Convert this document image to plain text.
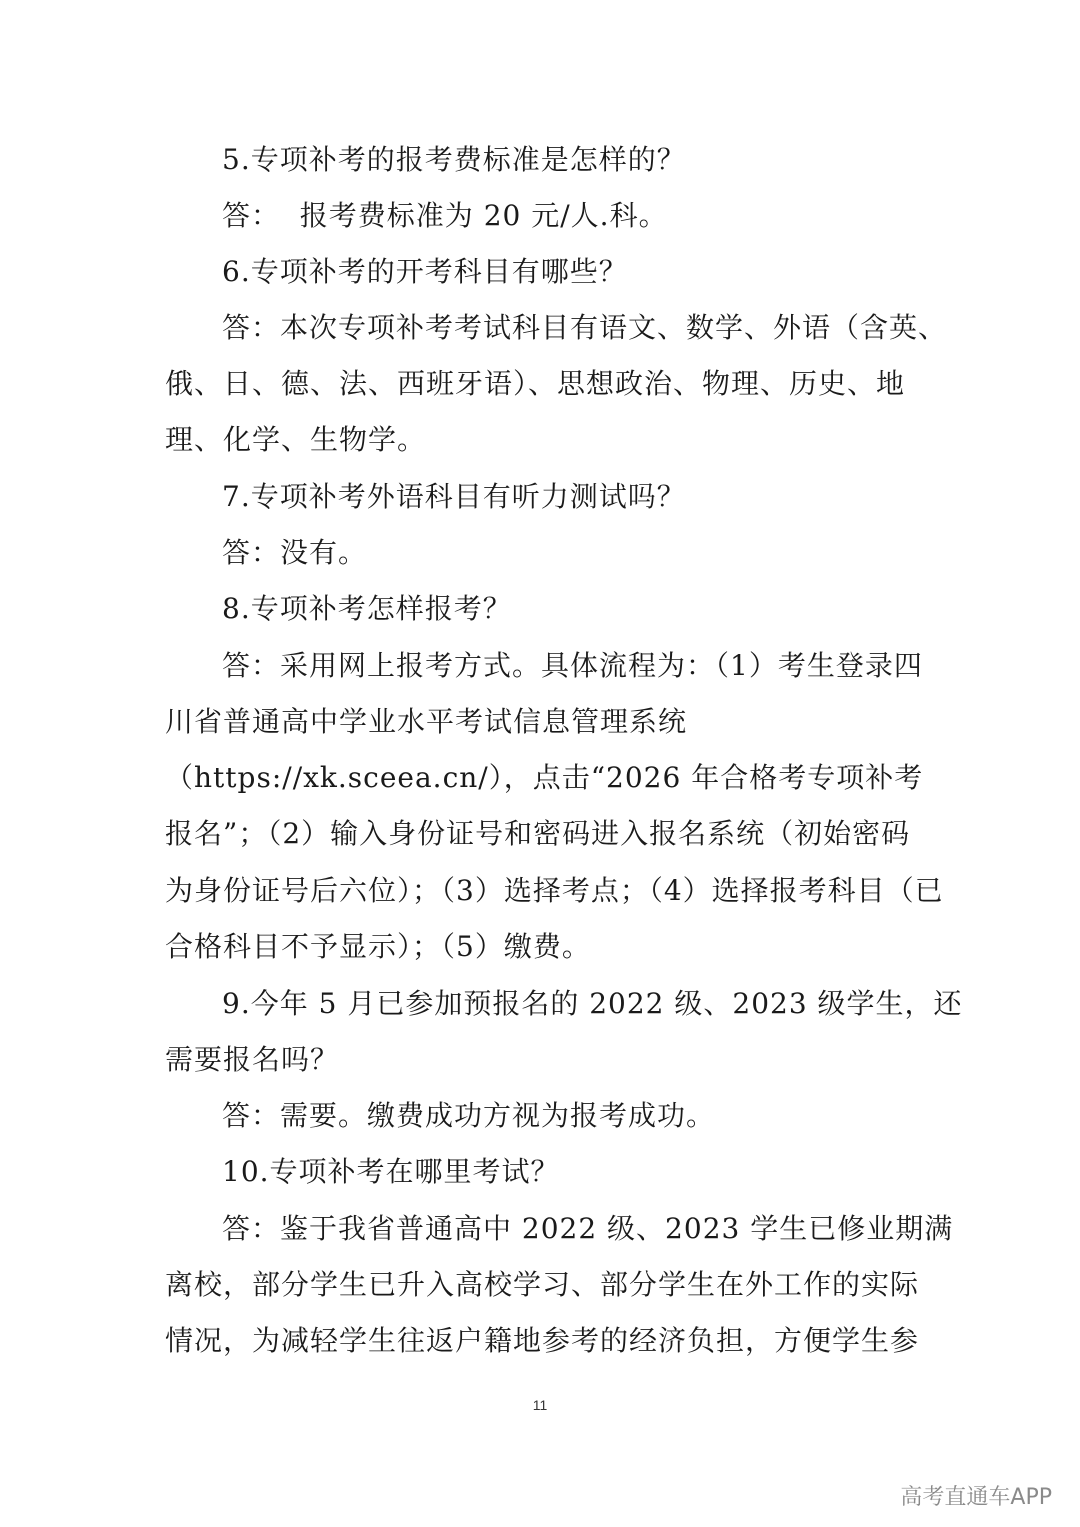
5.专项补考的报考费标准是怎样的？
答：  报考费标准为 20 元/人.科。
6.专项补考的开考科目有哪些？
答：本次专项补考考试科目有语文、数学、外语（含英、
俄、日、德、法、西班牙语）、思想政治、物理、历史、地
理、化学、生物学。
7.专项补考外语科目有听力测试吗？
答：没有。
8.专项补考怎样报考？
答：采用网上报考方式。具体流程为：（1）考生登录四
川省普通高中学业水平考试信息管理系统
（https://xk.sceea.cn/），点击“2026 年合格考专项补考
报名”；（2）输入身份证号和密码进入报名系统（初始密码
为身份证号后六位）；（3）选择考点；（4）选择报考科目（已
合格科目不予显示）；（5）缴费。
9.今年 5 月已参加预报名的 2022 级、2023 级学生，还
需要报名吗？
答：需要。缴费成功方视为报考成功。
10.专项补考在哪里考试？
答：鉴于我省普通高中 2022 级、2023 学生已修业期满
离校，部分学生已升入高校学习、部分学生在外工作的实际
情况，为减轻学生往返户籍地参考的经济负担，方便学生参
11
高考直通车APP
